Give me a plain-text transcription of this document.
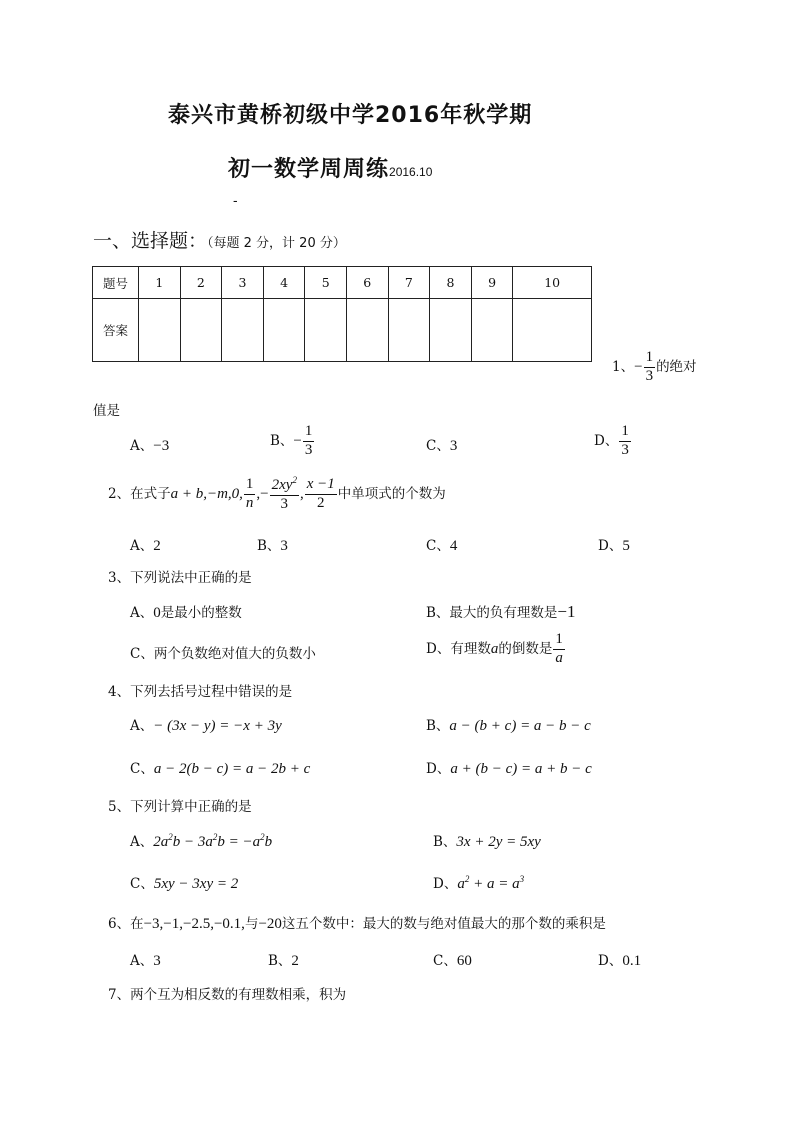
泰兴市黄桥初级中学2016年秋学期
初一数学周周练2016.10
-
一、选择题：（每题 2 分，计 20 分）
题号	1	2	3	4	5	6	7	8	9	10
答案										
1、− $\frac{1}{3}$ 的绝对
值是
A、−3	B、− $\frac{1}{3}$	C、3	D、 $\frac{1}{3}$
2、在式子a + b,−m,0, $\frac{1}{n}$ ,− $\frac{2xy^2}{3}$ , $\frac{x -1}{2}$ 中单项式的个数为
A、2	B、3	C、4	D、5
3、下列说法中正确的是
A、0是最小的整数	B、最大的负有理数是−1
C、两个负数绝对值大的负数小	D、有理数a的倒数是 $\frac{1}{a}$
4、下列去括号过程中错误的是
A、− (3x − y) = −x + 3y	B、a − (b + c) = a − b − c
C、a − 2(b − c) = a − 2b + c	D、a + (b − c) = a + b − c
5、下列计算中正确的是
A、$2a^2b - 3a^2b = -a^2b$	B、3x + 2y = 5xy
C、5xy − 3xy = 2	D、$a^2 + a = a^3$
6、在−3,−1,−2.5,−0.1,与−20这五个数中：最大的数与绝对值最大的那个数的乘积是
A、3	B、2	C、60	D、0.1
7、两个互为相反数的有理数相乘，积为
